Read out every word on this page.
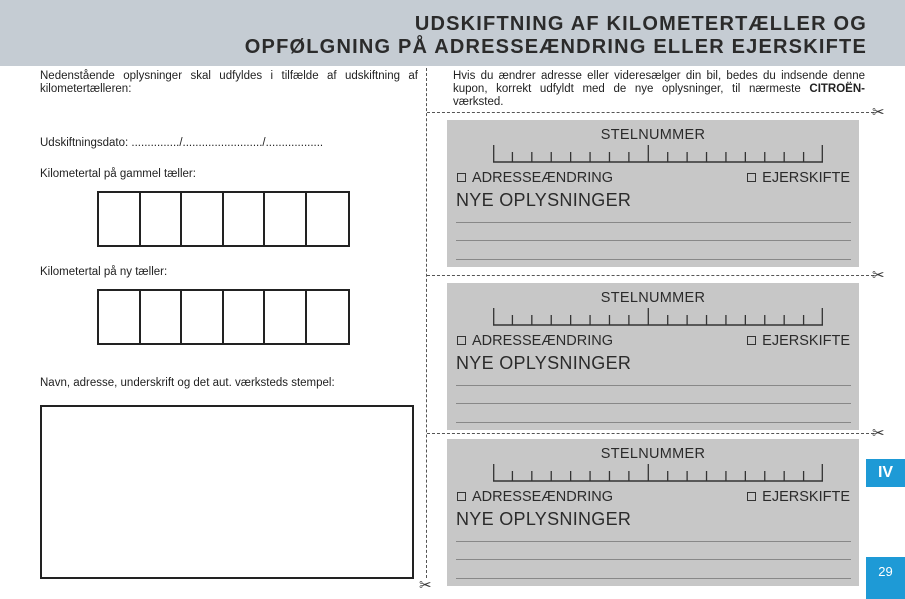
UDSKIFTNING AF KILOMETERTÆLLER OG
OPFØLGNING PÅ ADRESSEÆNDRING ELLER EJERSKIFTE
Nedenstående oplysninger skal udfyldes i tilfælde af udskiftning af kilometertælleren:
Udskiftningsdato: .............../........................./..................
Kilometertal på gammel tæller:
Kilometertal på ny tæller:
Navn, adresse, underskrift og det aut. værksteds stempel:
✂
✂
✂
✂
Hvis du ændrer adresse eller videresælger din bil, bedes du indsende denne kupon, korrekt udfyldt med de nye oplysninger, til nærmeste CITROËN- værksted.
STELNUMMER
ADRESSEÆNDRING	EJERSKIFTE
NYE OPLYSNINGER
STELNUMMER
ADRESSEÆNDRING	EJERSKIFTE
NYE OPLYSNINGER
STELNUMMER
ADRESSEÆNDRING	EJERSKIFTE
NYE OPLYSNINGER
IV
29
